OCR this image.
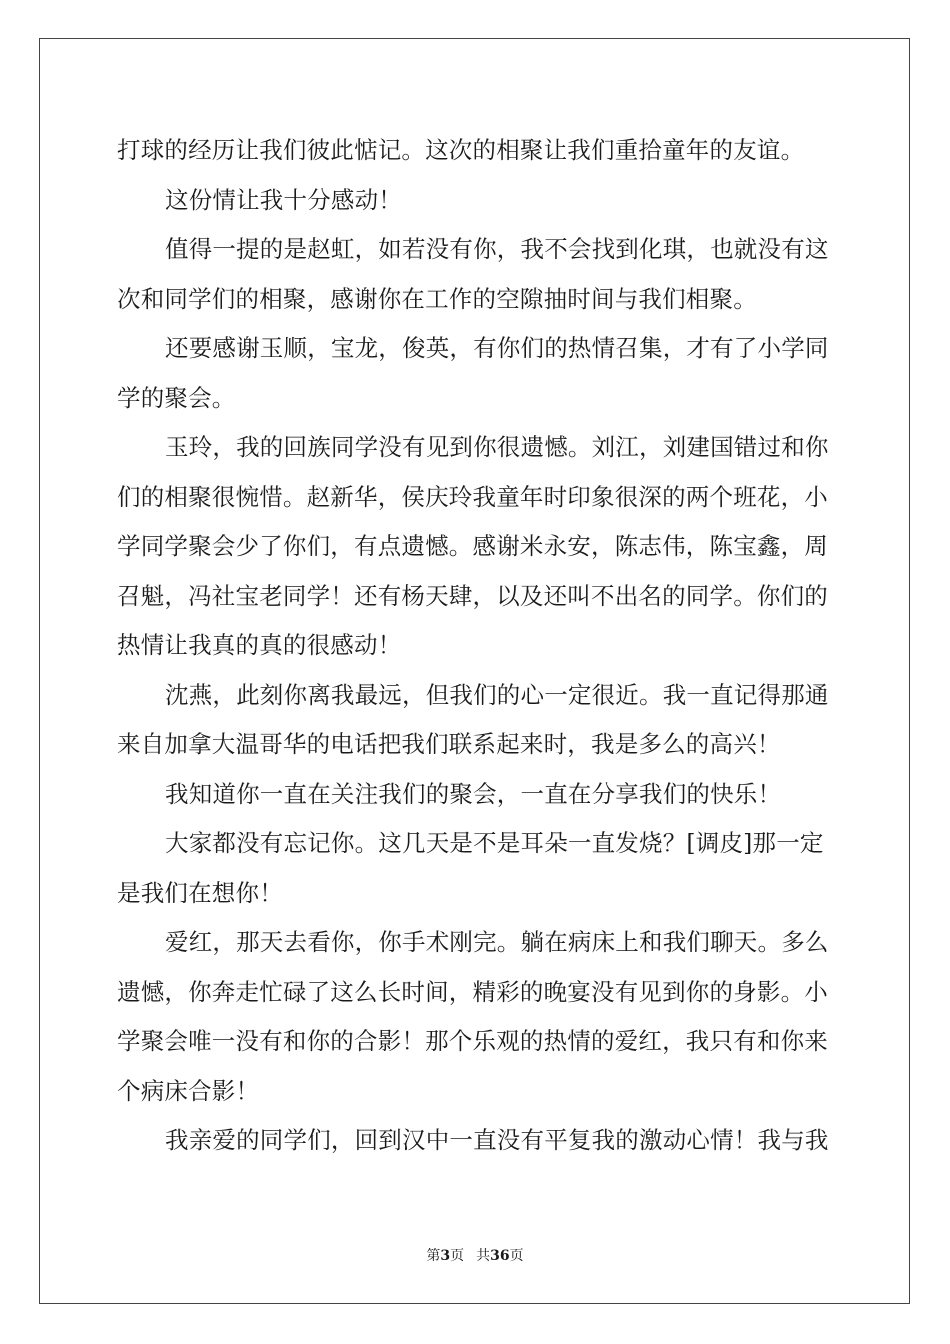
打球的经历让我们彼此惦记。这次的相聚让我们重拾童年的友谊。
这份情让我十分感动！
值得一提的是赵虹，如若没有你，我不会找到化琪，也就没有这
次和同学们的相聚，感谢你在工作的空隙抽时间与我们相聚。
还要感谢玉顺，宝龙，俊英，有你们的热情召集，才有了小学同
学的聚会。
玉玲，我的回族同学没有见到你很遗憾。刘江，刘建国错过和你
们的相聚很惋惜。赵新华，侯庆玲我童年时印象很深的两个班花，小
学同学聚会少了你们，有点遗憾。感谢米永安，陈志伟，陈宝鑫，周
召魁，冯社宝老同学！还有杨天肆，以及还叫不出名的同学。你们的
热情让我真的真的很感动！
沈燕，此刻你离我最远，但我们的心一定很近。我一直记得那通
来自加拿大温哥华的电话把我们联系起来时，我是多么的高兴！
我知道你一直在关注我们的聚会，一直在分享我们的快乐！
大家都没有忘记你。这几天是不是耳朵一直发烧？[调皮]那一定
是我们在想你！
爱红，那天去看你，你手术刚完。躺在病床上和我们聊天。多么
遗憾，你奔走忙碌了这么长时间，精彩的晚宴没有见到你的身影。小
学聚会唯一没有和你的合影！那个乐观的热情的爱红，我只有和你来
个病床合影！
我亲爱的同学们，回到汉中一直没有平复我的激动心情！我与我
第3页 共36页
